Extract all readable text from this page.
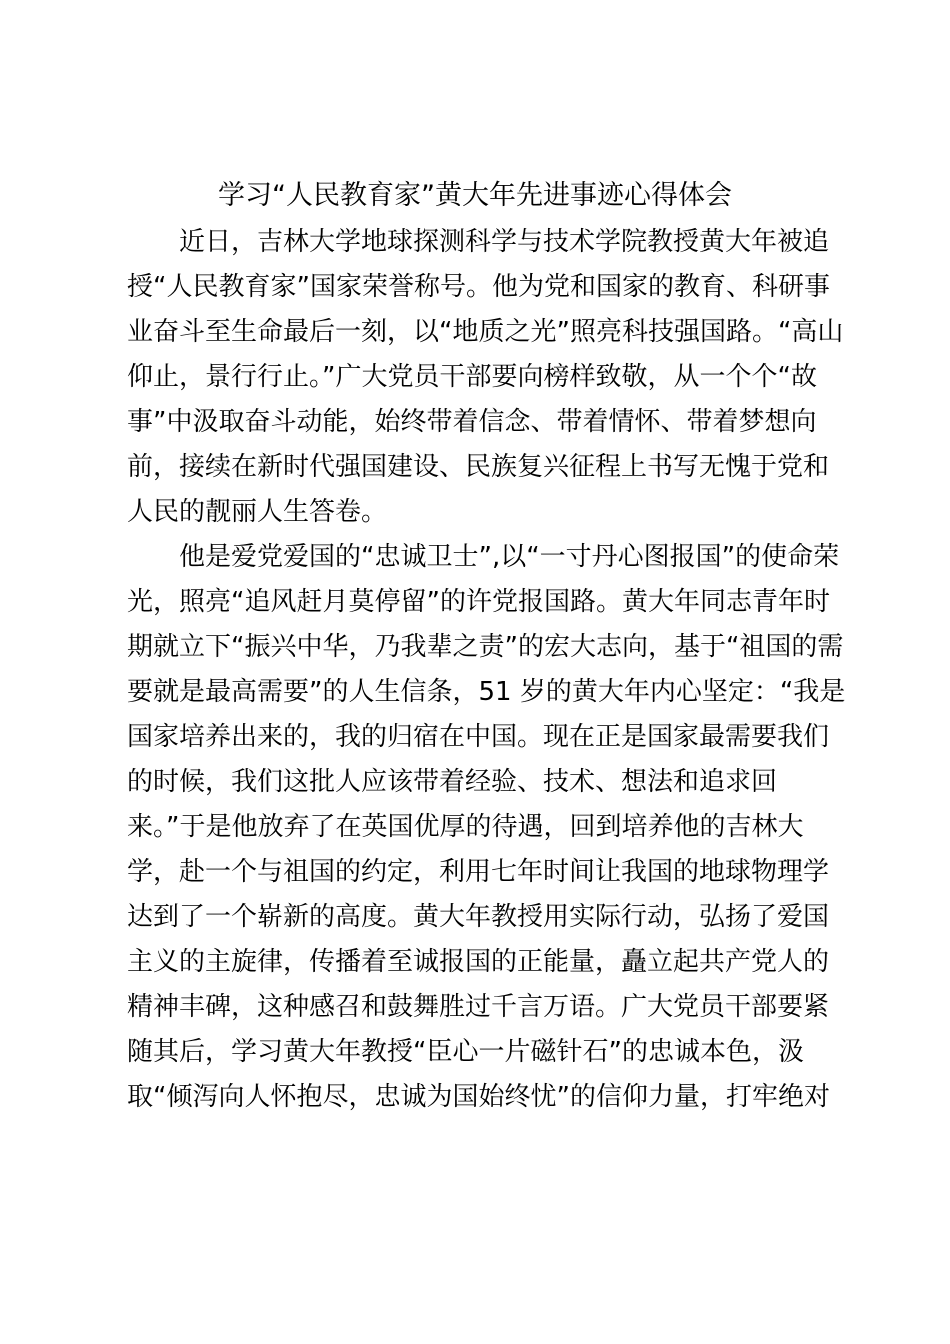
学习“人民教育家”黄大年先进事迹心得体会
近日，吉林大学地球探测科学与技术学院教授黄大年被追
授“人民教育家”国家荣誉称号。他为党和国家的教育、科研事
业奋斗至生命最后一刻，以“地质之光”照亮科技强国路。“高山
仰止，景行行止。”广大党员干部要向榜样致敬，从一个个“故
事”中汲取奋斗动能，始终带着信念、带着情怀、带着梦想向
前，接续在新时代强国建设、民族复兴征程上书写无愧于党和
人民的靓丽人生答卷。
他是爱党爱国的“忠诚卫士”,以“一寸丹心图报国”的使命荣
光，照亮“追风赶月莫停留”的许党报国路。黄大年同志青年时
期就立下“振兴中华，乃我辈之责”的宏大志向，基于“祖国的需
要就是最高需要”的人生信条，51 岁的黄大年内心坚定：“我是
国家培养出来的，我的归宿在中国。现在正是国家最需要我们
的时候，我们这批人应该带着经验、技术、想法和追求回
来。”于是他放弃了在英国优厚的待遇，回到培养他的吉林大
学，赴一个与祖国的约定，利用七年时间让我国的地球物理学
达到了一个崭新的高度。黄大年教授用实际行动，弘扬了爱国
主义的主旋律，传播着至诚报国的正能量，矗立起共产党人的
精神丰碑，这种感召和鼓舞胜过千言万语。广大党员干部要紧
随其后，学习黄大年教授“臣心一片磁针石”的忠诚本色，汲
取“倾泻向人怀抱尽，忠诚为国始终忧”的信仰力量，打牢绝对
